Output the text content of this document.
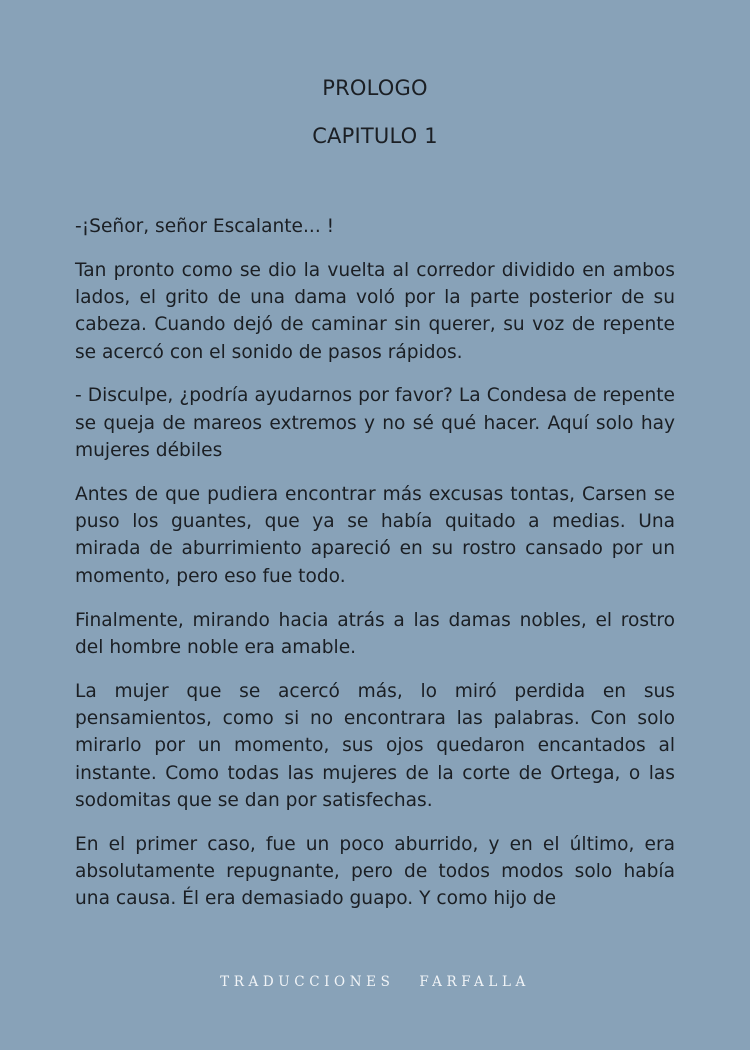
PROLOGO
CAPITULO 1

-¡Señor, señor Escalante... !

Tan pronto como se dio la vuelta al corredor dividido en ambos lados, el grito de una dama voló por la parte posterior de su cabeza. Cuando dejó de caminar sin querer, su voz de repente se acercó con el sonido de pasos rápidos.

- Disculpe, ¿podría ayudarnos por favor? La Condesa de repente se queja de mareos extremos y no sé qué hacer. Aquí solo hay mujeres débiles

Antes de que pudiera encontrar más excusas tontas, Carsen se puso los guantes, que ya se había quitado a medias. Una mirada de aburrimiento apareció en su rostro cansado por un momento, pero eso fue todo.

Finalmente, mirando hacia atrás a las damas nobles, el rostro del hombre noble era amable.

La mujer que se acercó más, lo miró perdida en sus pensamientos, como si no encontrara las palabras. Con solo mirarlo por un momento, sus ojos quedaron encantados al instante. Como todas las mujeres de la corte de Ortega, o las sodomitas que se dan por satisfechas.

En el primer caso, fue un poco aburrido, y en el último, era absolutamente repugnante, pero de todos modos solo había una causa. Él era demasiado guapo. Y como hijo de

TRADUCCIONES FARFALLA
